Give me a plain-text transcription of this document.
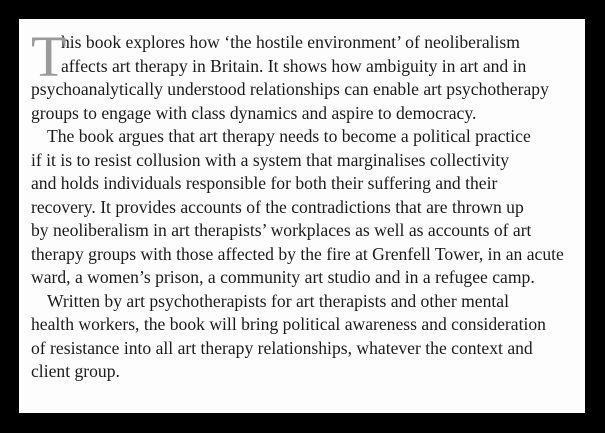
T
his book explores how ‘the hostile environment’ of neoliberalism
affects art therapy in Britain. It shows how ambiguity in art and in
psychoanalytically understood relationships can enable art psychotherapy
groups to engage with class dynamics and aspire to democracy.
The book argues that art therapy needs to become a political practice
if it is to resist collusion with a system that marginalises collectivity
and holds individuals responsible for both their suffering and their
recovery. It provides accounts of the contradictions that are thrown up
by neoliberalism in art therapists’ workplaces as well as accounts of art
therapy groups with those affected by the fire at Grenfell Tower, in an acute
ward, a women’s prison, a community art studio and in a refugee camp.
Written by art psychotherapists for art therapists and other mental
health workers, the book will bring political awareness and consideration
of resistance into all art therapy relationships, whatever the context and
client group.
